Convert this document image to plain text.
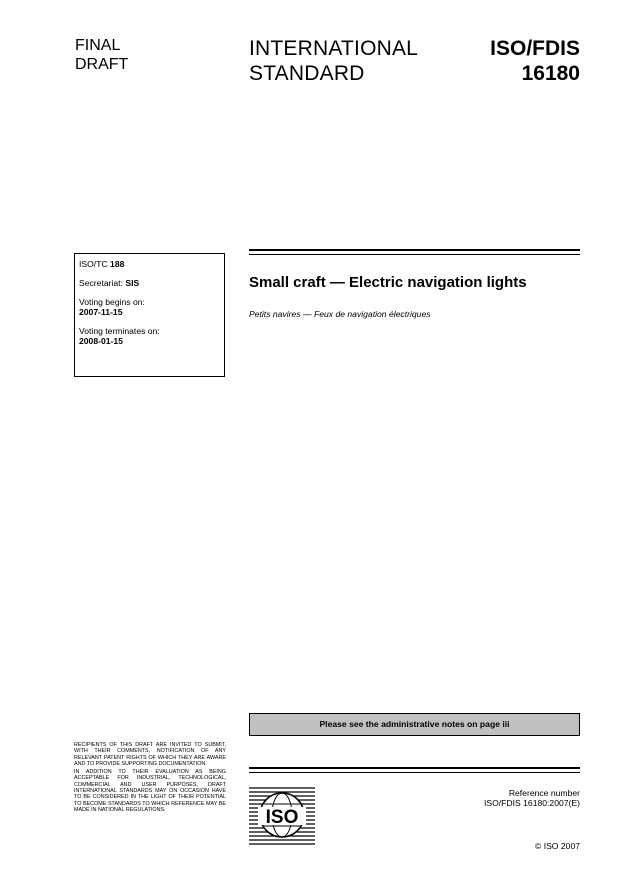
FINAL
DRAFT
INTERNATIONAL
STANDARD
ISO/FDIS
16180
ISO/TC 188
Secretariat: SIS
Voting begins on:
2007-11-15
Voting terminates on:
2008-01-15
Small craft — Electric navigation lights
Petits navires — Feux de navigation électriques
Please see the administrative notes on page iii

RECIPIENTS OF THIS DRAFT ARE INVITED TO SUBMIT, WITH THEIR COMMENTS, NOTIFICATION OF ANY RELEVANT PATENT RIGHTS OF WHICH THEY ARE AWARE AND TO PROVIDE SUPPORTING DOCUMENTATION.

IN ADDITION TO THEIR EVALUATION AS BEING ACCEPTABLE FOR INDUSTRIAL, TECHNOLOGICAL, COMMERCIAL AND USER PURPOSES, DRAFT INTERNATIONAL STANDARDS MAY ON OCCASION HAVE TO BE CONSIDERED IN THE LIGHT OF THEIR POTENTIAL TO BECOME STANDARDS TO WHICH REFERENCE MAY BE MADE IN NATIONAL REGULATIONS.	ISO
Reference number
ISO/FDIS 16180:2007(E)
© ISO 2007
